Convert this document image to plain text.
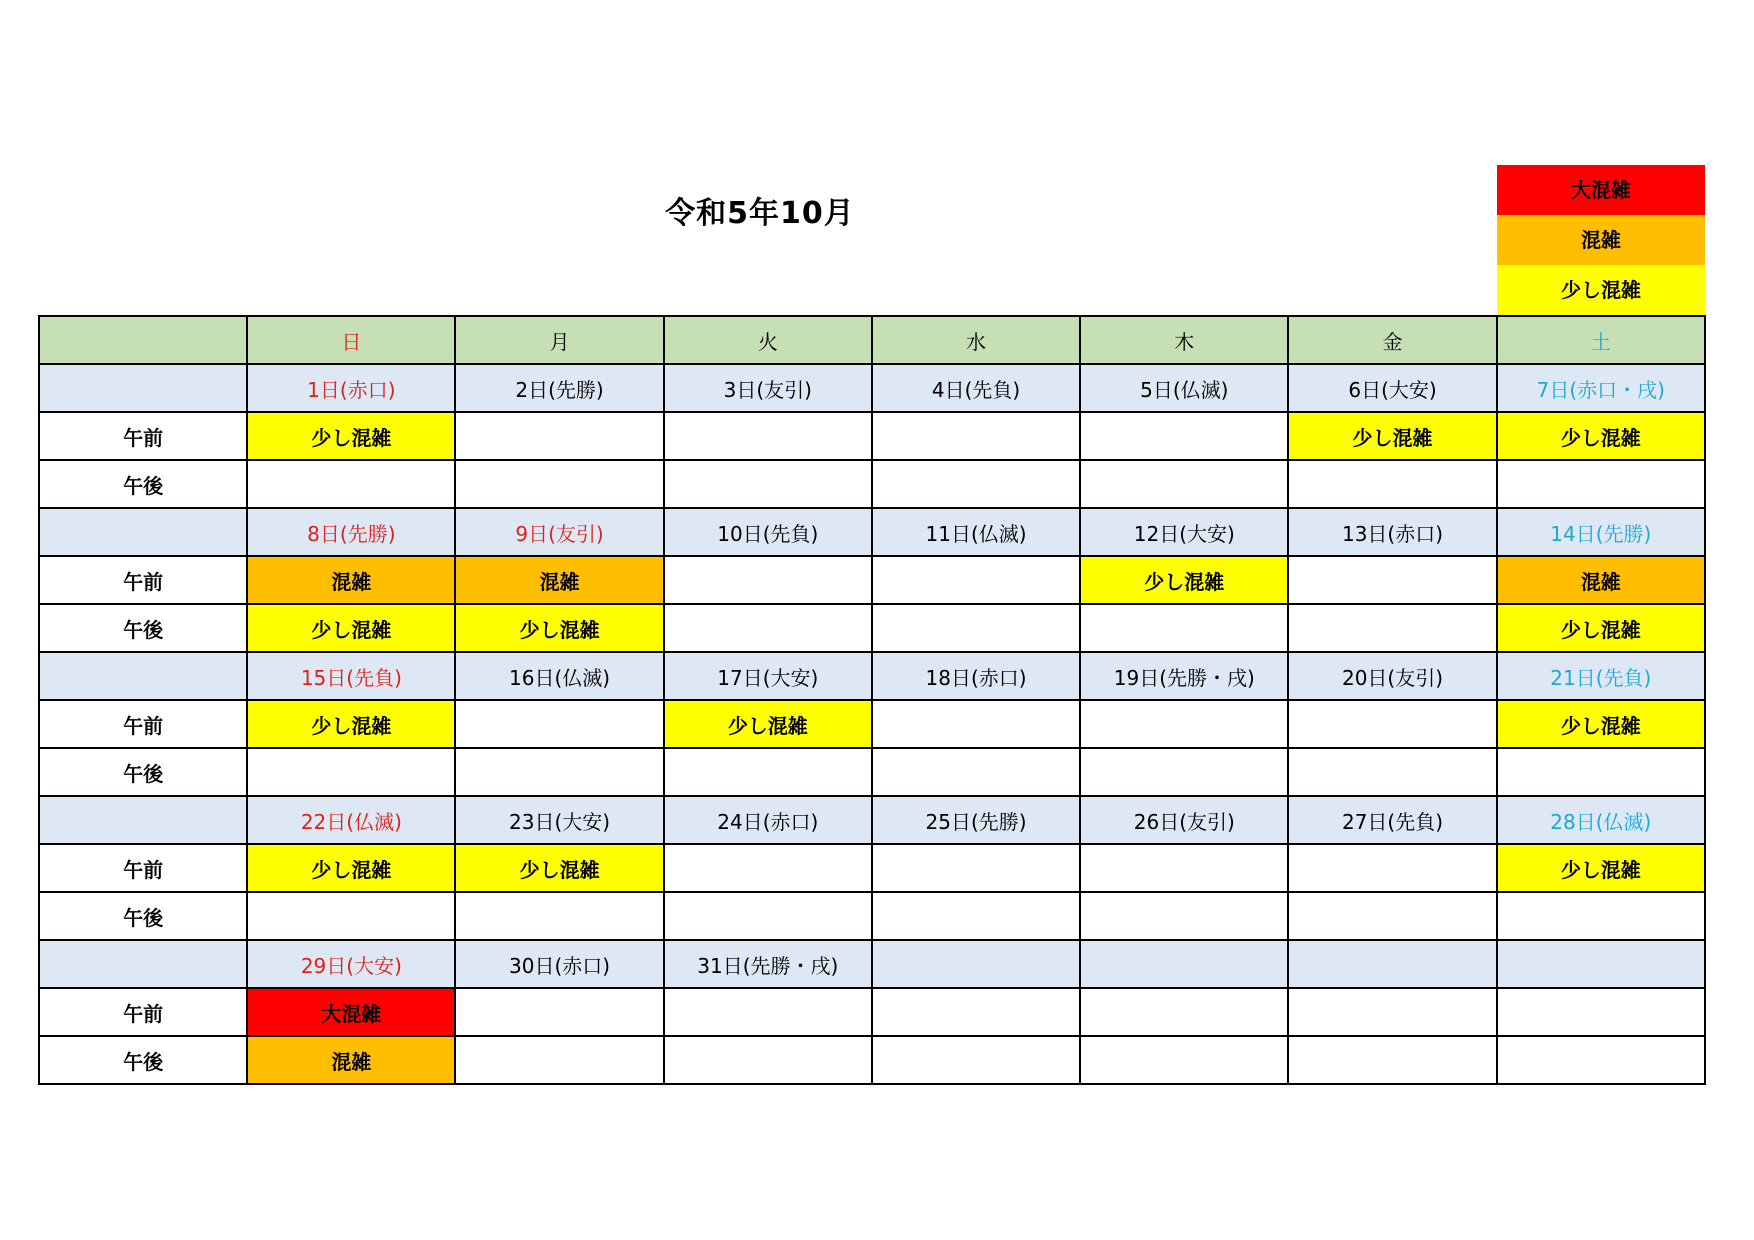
令和5年10月
大混雑
混雑
少し混雑
	日	月	火	水	木	金	土
	1日(赤口)	2日(先勝)	3日(友引)	4日(先負)	5日(仏滅)	6日(大安)	7日(赤口・戌)
午前	少し混雑					少し混雑	少し混雑
午後							
	8日(先勝)	9日(友引)	10日(先負)	11日(仏滅)	12日(大安)	13日(赤口)	14日(先勝)
午前	混雑	混雑			少し混雑		混雑
午後	少し混雑	少し混雑					少し混雑
	15日(先負)	16日(仏滅)	17日(大安)	18日(赤口)	19日(先勝・戌)	20日(友引)	21日(先負)
午前	少し混雑		少し混雑				少し混雑
午後							
	22日(仏滅)	23日(大安)	24日(赤口)	25日(先勝)	26日(友引)	27日(先負)	28日(仏滅)
午前	少し混雑	少し混雑					少し混雑
午後							
	29日(大安)	30日(赤口)	31日(先勝・戌)				
午前	大混雑						
午後	混雑						
